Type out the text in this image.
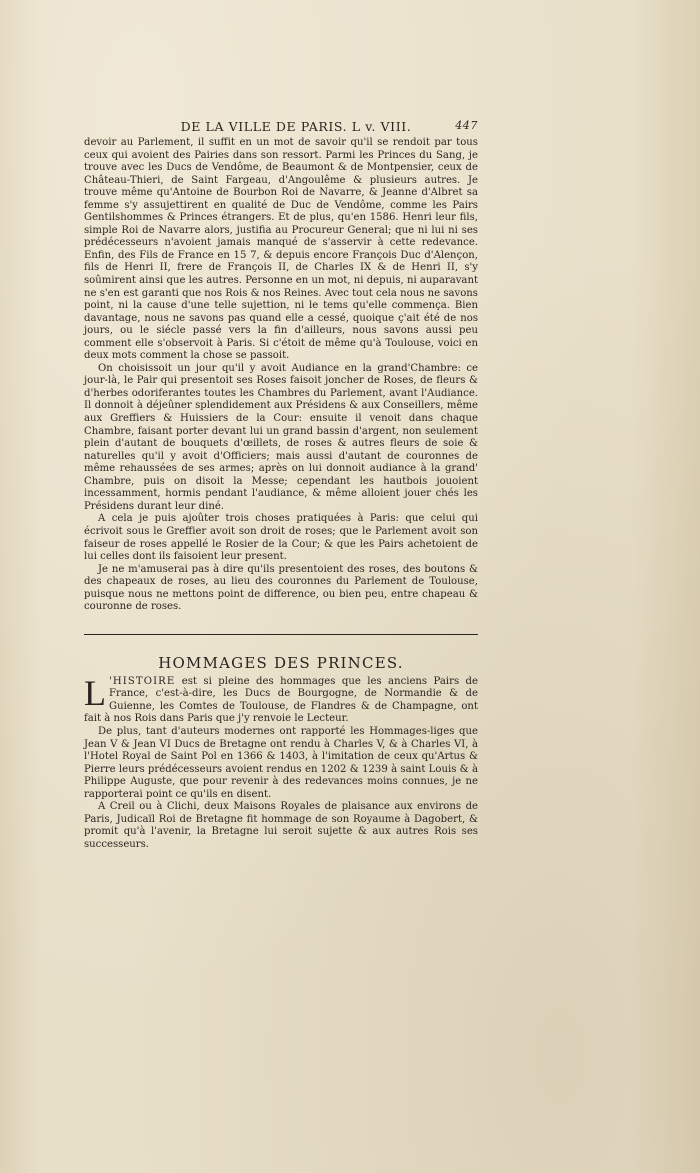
DE LA VILLE DE PARIS. L v. VIII.	447

devoir au Parlement, il suffit en un mot de savoir qu'il se rendoit par tous ceux qui avoient des Pairies dans son ressort. Parmi les Princes du Sang, je trouve avec les Ducs de Vendôme, de Beaumont & de Montpensier, ceux de Château-Thieri, de Saint Fargeau, d'Angoulême & plusieurs autres. Je trouve même qu'Antoine de Bourbon Roi de Navarre, & Jeanne d'Albret sa femme s'y assujettirent en qualité de Duc de Vendôme, comme les Pairs Gentilshommes & Princes étrangers. Et de plus, qu'en 1586. Henri leur fils, simple Roi de Navarre alors, justifia au Procureur General; que ni lui ni ses prédécesseurs n'avoient jamais manqué de s'asservir à cette redevance. Enfin, des Fils de France en 15 7, & depuis encore François Duc d'Alençon, fils de Henri II, frere de François II, de Charles IX & de Henri II, s'y soûmirent ainsi que les autres. Personne en un mot, ni depuis, ni auparavant ne s'en est garanti que nos Rois & nos Reines. Avec tout cela nous ne savons point, ni la cause d'une telle sujettion, ni le tems qu'elle commença. Bien davantage, nous ne savons pas quand elle a cessé, quoique ç'ait été de nos jours, ou le siécle passé vers la fin d'ailleurs, nous savons aussi peu comment elle s'observoit à Paris. Si c'étoit de même qu'à Toulouse, voici en deux mots comment la chose se passoit.

On choisissoit un jour qu'il y avoit Audiance en la grand'Chambre: ce jour-là, le Pair qui presentoit ses Roses faisoit joncher de Roses, de fleurs & d'herbes odoriferantes toutes les Chambres du Parlement, avant l'Audiance. Il donnoit à déjeûner splendidement aux Présidens & aux Conseillers, même aux Greffiers & Huissiers de la Cour: ensuite il venoit dans chaque Chambre, faisant porter devant lui un grand bassin d'argent, non seulement plein d'autant de bouquets d'œillets, de roses & autres fleurs de soie & naturelles qu'il y avoit d'Officiers; mais aussi d'autant de couronnes de même rehaussées de ses armes; après on lui donnoit audiance à la grand' Chambre, puis on disoit la Messe; cependant les hautbois jouoient incessamment, hormis pendant l'audiance, & même alloient jouer chés les Présidens durant leur diné.

A cela je puis ajoûter trois choses pratiquées à Paris: que celui qui écrivoit sous le Greffier avoit son droit de roses; que le Parlement avoit son faiseur de roses appellé le Rosier de la Cour; & que les Pairs achetoient de lui celles dont ils faisoient leur present.

Je ne m'amuserai pas à dire qu'ils presentoient des roses, des boutons & des chapeaux de roses, au lieu des couronnes du Parlement de Toulouse, puisque nous ne mettons point de difference, ou bien peu, entre chapeau & couronne de roses.

HOMMAGES DES PRINCES.

L 'HISTOIRE est si pleine des hommages que les anciens Pairs de France, c'est-à-dire, les Ducs de Bourgogne, de Normandie & de Guienne, les Comtes de Toulouse, de Flandres & de Champagne, ont fait à nos Rois dans Paris que j'y renvoie le Lecteur.

De plus, tant d'auteurs modernes ont rapporté les Hommages-liges que Jean V & Jean VI Ducs de Bretagne ont rendu à Charles V, & à Charles VI, à l'Hotel Royal de Saint Pol en 1366 & 1403, à l'imitation de ceux qu'Artus & Pierre leurs prédécesseurs avoient rendus en 1202 & 1239 à saint Louis & à Philippe Auguste, que pour revenir à des redevances moins connues, je ne rapporterai point ce qu'ils en disent.

A Creil ou à Clichi, deux Maisons Royales de plaisance aux environs de Paris, Judicaïl Roi de Bretagne fit hommage de son Royaume à Dagobert, & promit qu'à l'avenir, la Bretagne lui seroit sujette & aux autres Rois ses successeurs.
